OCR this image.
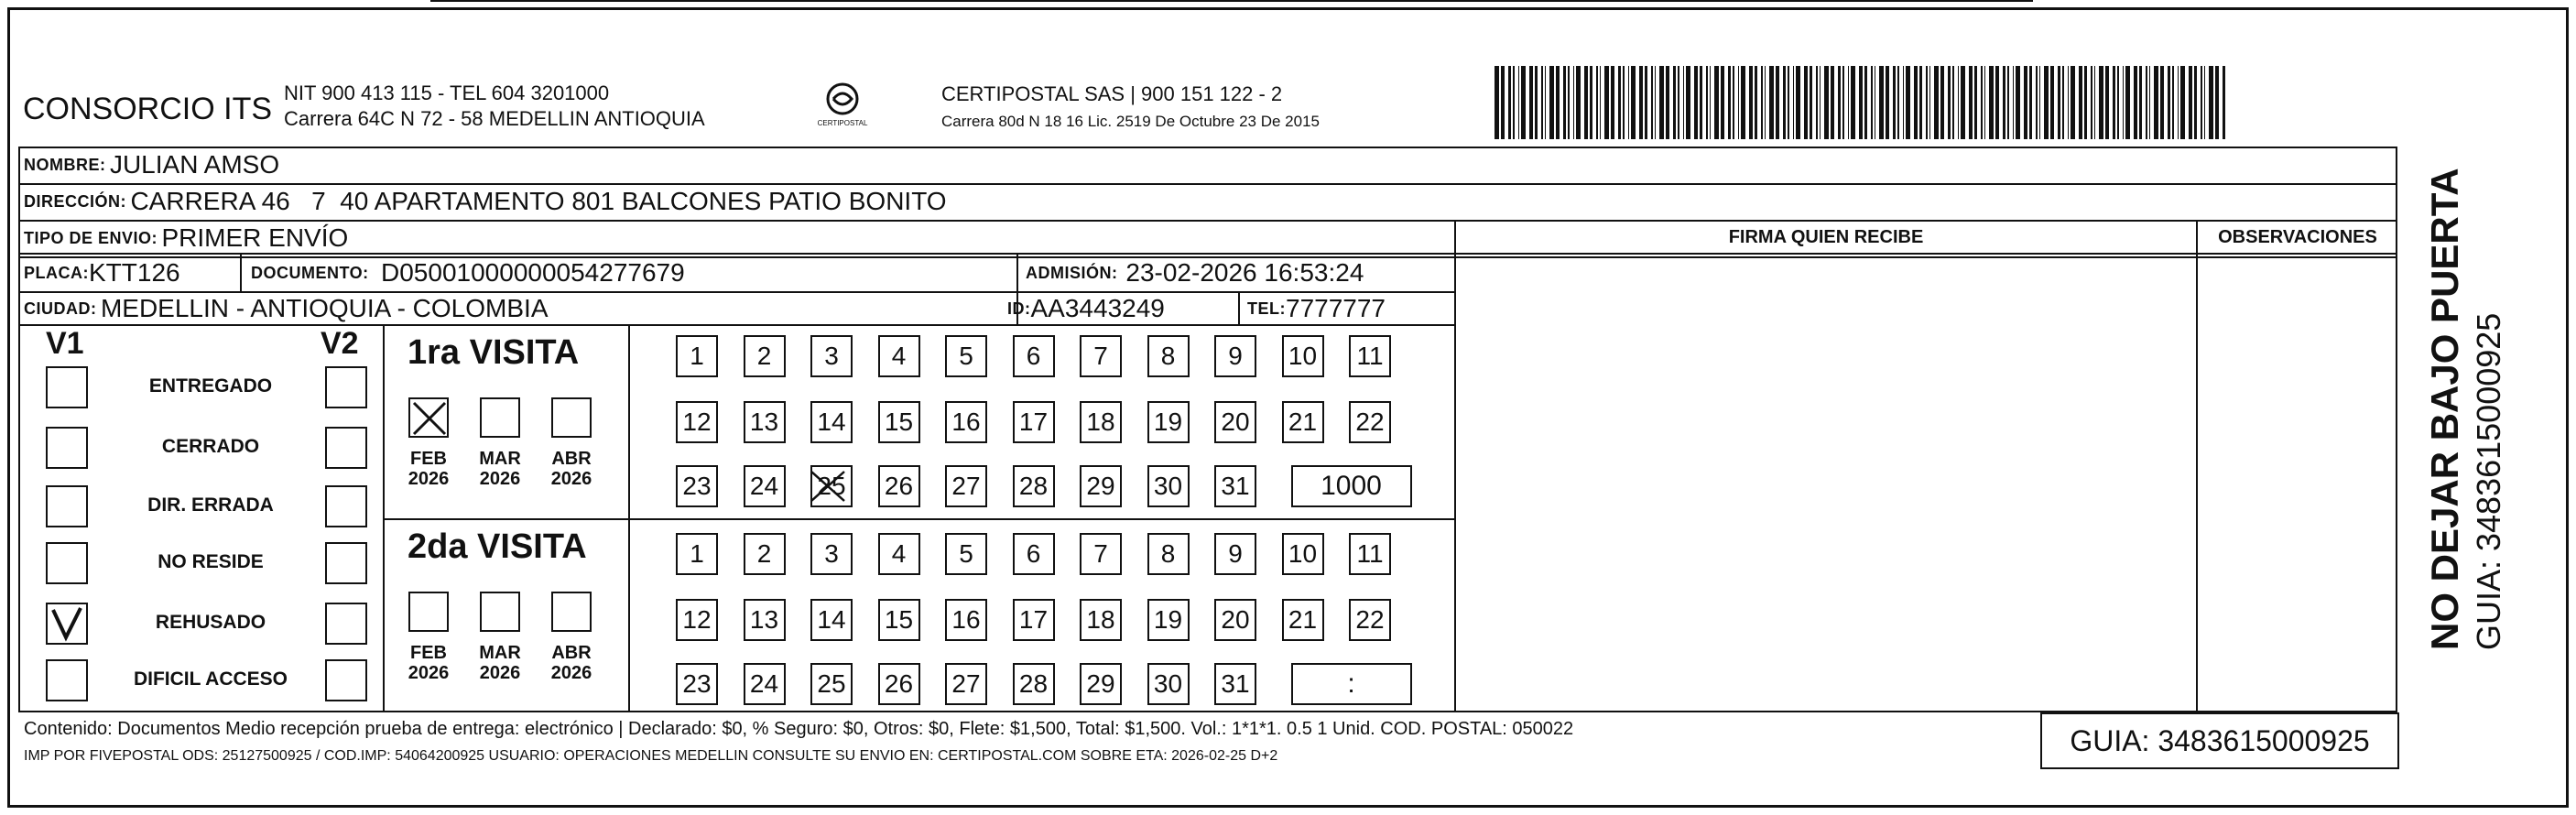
CONSORCIO ITS NIT 900 413 115 - TEL 604 3201000
Carrera 64C N 72 - 58 MEDELLIN ANTIOQUIA	CERTIPOSTAL
CERTIPOSTAL SAS | 900 151 122 - 2
Carrera 80d N 18 16 Lic. 2519 De Octubre 23 De 2015
NOMBRE:
JULIAN AMSO
DIRECCIÓN:
CARRERA 46   7  40 APARTAMENTO 801 BALCONES PATIO BONITO
FIRMA QUIEN RECIBE	OBSERVACIONES
TIPO DE ENVIO:
PRIMER ENVÍO
PLACA: KTT126	DOCUMENTO:
D05001000000054277679	ADMISIÓN:
23-02-2026 16:53:24
CIUDAD:
MEDELLIN - ANTIOQUIA - COLOMBIA	ID: AA3443249	TEL: 7777777
V1	V2 1ra VISITA
2da VISITA
Contenido: Documentos Medio recepción prueba de entrega: electrónico | Declarado: $0, % Seguro: $0, Otros: $0, Flete: $1,500, Total: $1,500. Vol.: 1*1*1. 0.5 1 Unid. COD. POSTAL: 050022
IMP POR FIVEPOSTAL ODS: 25127500925 / COD.IMP: 54064200925 USUARIO: OPERACIONES MEDELLIN CONSULTE SU ENVIO EN: CERTIPOSTAL.COM SOBRE ETA: 2026-02-25 D+2	GUIA: 3483615000925
NO DEJAR BAJO PUERTA GUIA: 3483615000925
ENTREGADO
CERRADO
DIR. ERRADA
NO RESIDE
REHUSADO
DIFICIL ACCESO
FEB
2026
MAR
2026
ABR
2026
FEB
2026
MAR
2026
ABR
2026
1	2	3	4	5	6	7	8	9	10	11
12 13 14 15 16 17 18 19 20 21 22
23 24 25 26 27 28 29 30 31	1000
1	2	3	4	5	6	7	8	9	10	11
12 13 14 15 16 17 18 19 20 21 22
23 24 25 26 27 28 29 30 31	:
